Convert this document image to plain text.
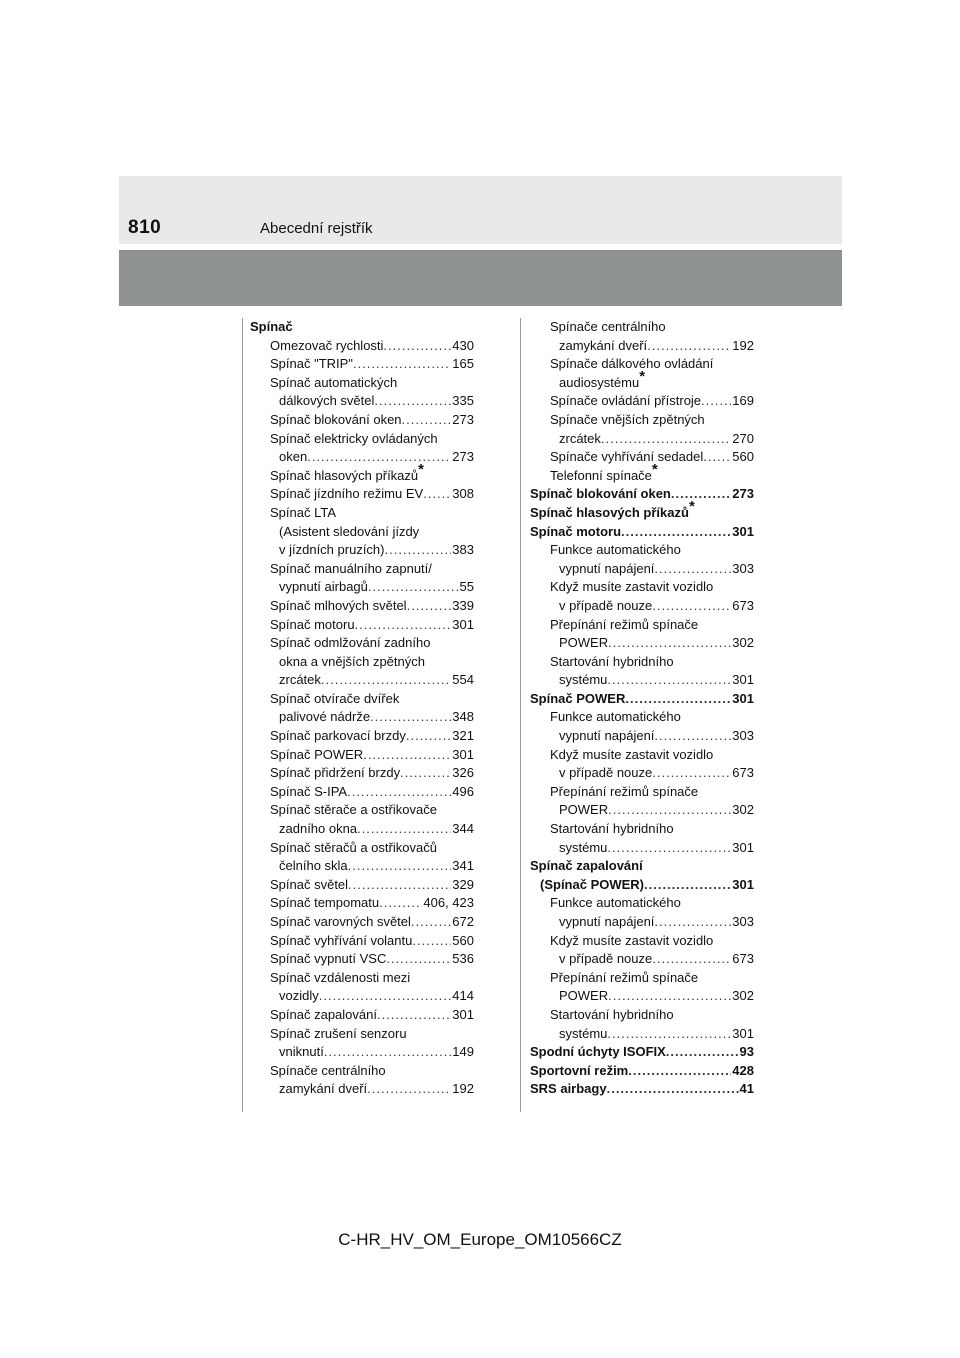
810	Abecední rejstřík
Spínač
Omezovač rychlosti .....	430
Spínač "TRIP" .....	165
Spínač automatických
dálkových světel .....	335
Spínač blokování oken .....	273
Spínač elektricky ovládaných
oken .....	273
Spínač hlasových příkazů*
Spínač jízdního režimu EV ..... 308
Spínač LTA
(Asistent sledování jízdy
v jízdních pruzích) .....	383
Spínač manuálního zapnutí/
vypnutí airbagů .....	55
Spínač mlhových světel .....	339
Spínač motoru .....	301
Spínač odmlžování zadního
okna a vnějších zpětných
zrcátek .....	554
Spínač otvírače dvířek
palivové nádrže .....	348
Spínač parkovací brzdy .....	321
Spínač POWER .....	301
Spínač přidržení brzdy .....	326
Spínač S-IPA .....	496
Spínač stěrače a ostřikovače
zadního okna .....	344
Spínač stěračů a ostřikovačů
čelního skla .....	341
Spínač světel .....	329
Spínač tempomatu .....	406, 423
Spínač varovných světel .....	672
Spínač vyhřívání volantu .....	560
Spínač vypnutí VSC .....	536
Spínač vzdálenosti mezi
vozidly .....	414
Spínač zapalování .....	301
Spínač zrušení senzoru
vniknutí .....	149
Spínače centrálního
zamykání dveří .....	192
Spínače centrálního
zamykání dveří .....	192
Spínače dálkového ovládání
audiosystému*
Spínače ovládání přístroje ..... 169
Spínače vnějších zpětných
zrcátek .....	270
Spínače vyhřívání sedadel ..... 560
Telefonní spínače*
Spínač blokování oken .....	273
Spínač hlasových příkazů*
Spínač motoru .....	301
Funkce automatického
vypnutí napájení .....	303
Když musíte zastavit vozidlo
v případě nouze .....	673
Přepínání režimů spínače
POWER .....	302
Startování hybridního
systému .....	301
Spínač POWER .....	301
Funkce automatického
vypnutí napájení .....	303
Když musíte zastavit vozidlo
v případě nouze .....	673
Přepínání režimů spínače
POWER .....	302
Startování hybridního
systému .....	301
Spínač zapalování
(Spínač POWER) .....	301
Funkce automatického
vypnutí napájení .....	303
Když musíte zastavit vozidlo
v případě nouze .....	673
Přepínání režimů spínače
POWER .....	302
Startování hybridního
systému .....	301
Spodní úchyty ISOFIX .....	93
Sportovní režim .....	428
SRS airbagy .....	41
C-HR_HV_OM_Europe_OM10566CZ
